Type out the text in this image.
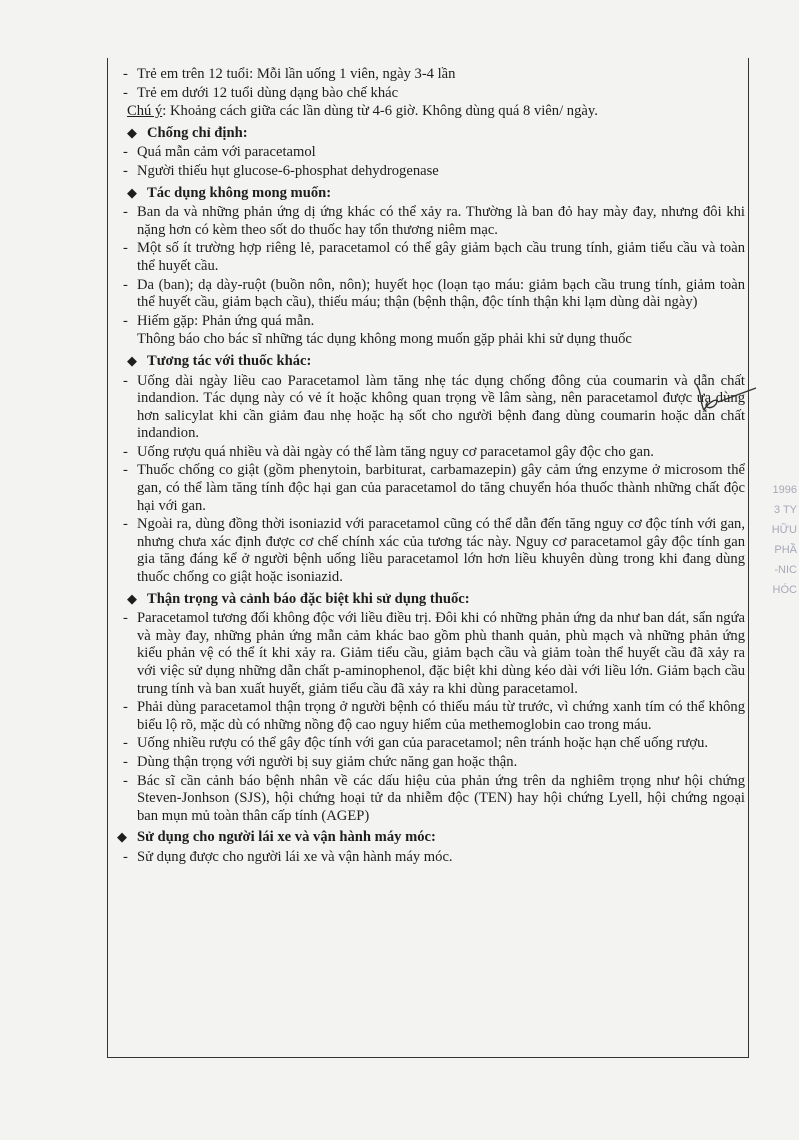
- Trẻ em trên 12 tuổi: Mỗi lần uống 1 viên, ngày 3-4 lần
- Trẻ em dưới 12 tuổi dùng dạng bào chế khác
Chú ý: Khoảng cách giữa các lần dùng từ 4-6 giờ. Không dùng quá 8 viên/ ngày.
◆ Chống chỉ định:
- Quá mẫn cảm với paracetamol
- Người thiếu hụt glucose-6-phosphat dehydrogenase
◆ Tác dụng không mong muốn:
- Ban da và những phản ứng dị ứng khác có thể xảy ra. Thường là ban đỏ hay mày đay, nhưng đôi khi nặng hơn có kèm theo sốt do thuốc hay tổn thương niêm mạc.
- Một số ít trường hợp riêng lẻ, paracetamol có thể gây giảm bạch cầu trung tính, giảm tiểu cầu và toàn thể huyết cầu.
- Da (ban); dạ dày-ruột (buồn nôn, nôn); huyết học (loạn tạo máu: giảm bạch cầu trung tính, giảm toàn thể huyết cầu, giảm bạch cầu), thiếu máu; thận (bệnh thận, độc tính thận khi lạm dùng dài ngày)
- Hiếm gặp: Phản ứng quá mẫn.
Thông báo cho bác sĩ những tác dụng không mong muốn gặp phải khi sử dụng thuốc
◆ Tương tác với thuốc khác:
- Uống dài ngày liều cao Paracetamol làm tăng nhẹ tác dụng chống đông của coumarin và dẫn chất indandion. Tác dụng này có vẻ ít hoặc không quan trọng về lâm sàng, nên paracetamol được ưa dùng hơn salicylat khi cần giảm đau nhẹ hoặc hạ sốt cho người bệnh đang dùng coumarin hoặc dẫn chất indandion.
- Uống rượu quá nhiều và dài ngày có thể làm tăng nguy cơ paracetamol gây độc cho gan.
- Thuốc chống co giật (gồm phenytoin, barbiturat, carbamazepin) gây cảm ứng enzyme ở microsom thể gan, có thể làm tăng tính độc hại gan của paracetamol do tăng chuyển hóa thuốc thành những chất độc hại với gan.
- Ngoài ra, dùng đồng thời isoniazid với paracetamol cũng có thể dẫn đến tăng nguy cơ độc tính với gan, nhưng chưa xác định được cơ chế chính xác của tương tác này. Nguy cơ paracetamol gây độc tính gan gia tăng đáng kể ở người bệnh uống liều paracetamol lớn hơn liều khuyên dùng trong khi đang dùng thuốc chống co giật hoặc isoniazid.
◆ Thận trọng và cảnh báo đặc biệt khi sử dụng thuốc:
- Paracetamol tương đối không độc với liều điều trị. Đôi khi có những phản ứng da như ban dát, sẩn ngứa và mày đay, những phản ứng mẫn cảm khác bao gồm phù thanh quản, phù mạch và những phản ứng kiểu phản vệ có thể ít khi xảy ra. Giảm tiểu cầu, giảm bạch cầu và giảm toàn thể huyết cầu đã xảy ra với việc sử dụng những dẫn chất p-aminophenol, đặc biệt khi dùng kéo dài với liều lớn. Giảm bạch cầu trung tính và ban xuất huyết, giảm tiểu cầu đã xảy ra khi dùng paracetamol.
- Phải dùng paracetamol thận trọng ở người bệnh có thiếu máu từ trước, vì chứng xanh tím có thể không biểu lộ rõ, mặc dù có những nồng độ cao nguy hiểm của methemoglobin cao trong máu.
- Uống nhiều rượu có thể gây độc tính với gan của paracetamol; nên tránh hoặc hạn chế uống rượu.
- Dùng thận trọng với người bị suy giảm chức năng gan hoặc thận.
- Bác sĩ cần cảnh báo bệnh nhân về các dấu hiệu của phản ứng trên da nghiêm trọng như hội chứng Steven-Jonhson (SJS), hội chứng hoại tử da nhiễm độc (TEN) hay hội chứng Lyell, hội chứng ngoại ban mụn mủ toàn thân cấp tính (AGEP)
◆ Sử dụng cho người lái xe và vận hành máy móc:
- Sử dụng được cho người lái xe và vận hành máy móc.
1996
3 TY
HỮU
PHẦ
-NIC
HÓC
